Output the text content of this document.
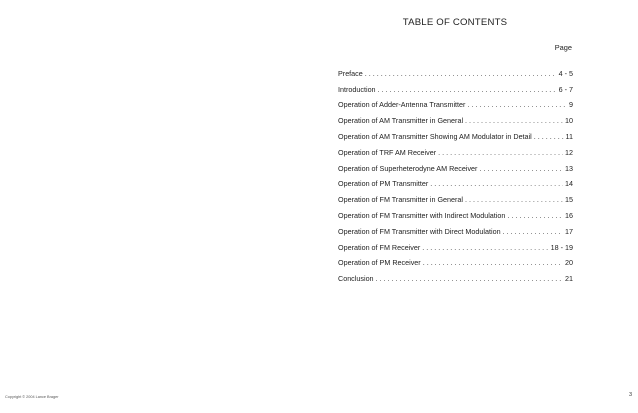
TABLE OF CONTENTS
Page
Preface . . .	4 - 5
Introduction . . .	6 - 7
Operation of Adder-Antenna Transmitter . . .	9
Operation of AM Transmitter in General . . .	10
Operation of AM Transmitter Showing AM Modulator in Detail . . .	11
Operation of TRF AM Receiver . . .	12
Operation of Superheterodyne AM Receiver . . .	13
Operation of PM Transmitter . . .	14
Operation of FM Transmitter in General . . .	15
Operation of FM Transmitter with Indirect Modulation . . .	16
Operation of FM Transmitter with Direct Modulation . . .	17
Operation of FM Receiver . . .	18 - 19
Operation of PM Receiver . . .	20
Conclusion . . .	21
Copyright © 2004 Lance Brager	3
